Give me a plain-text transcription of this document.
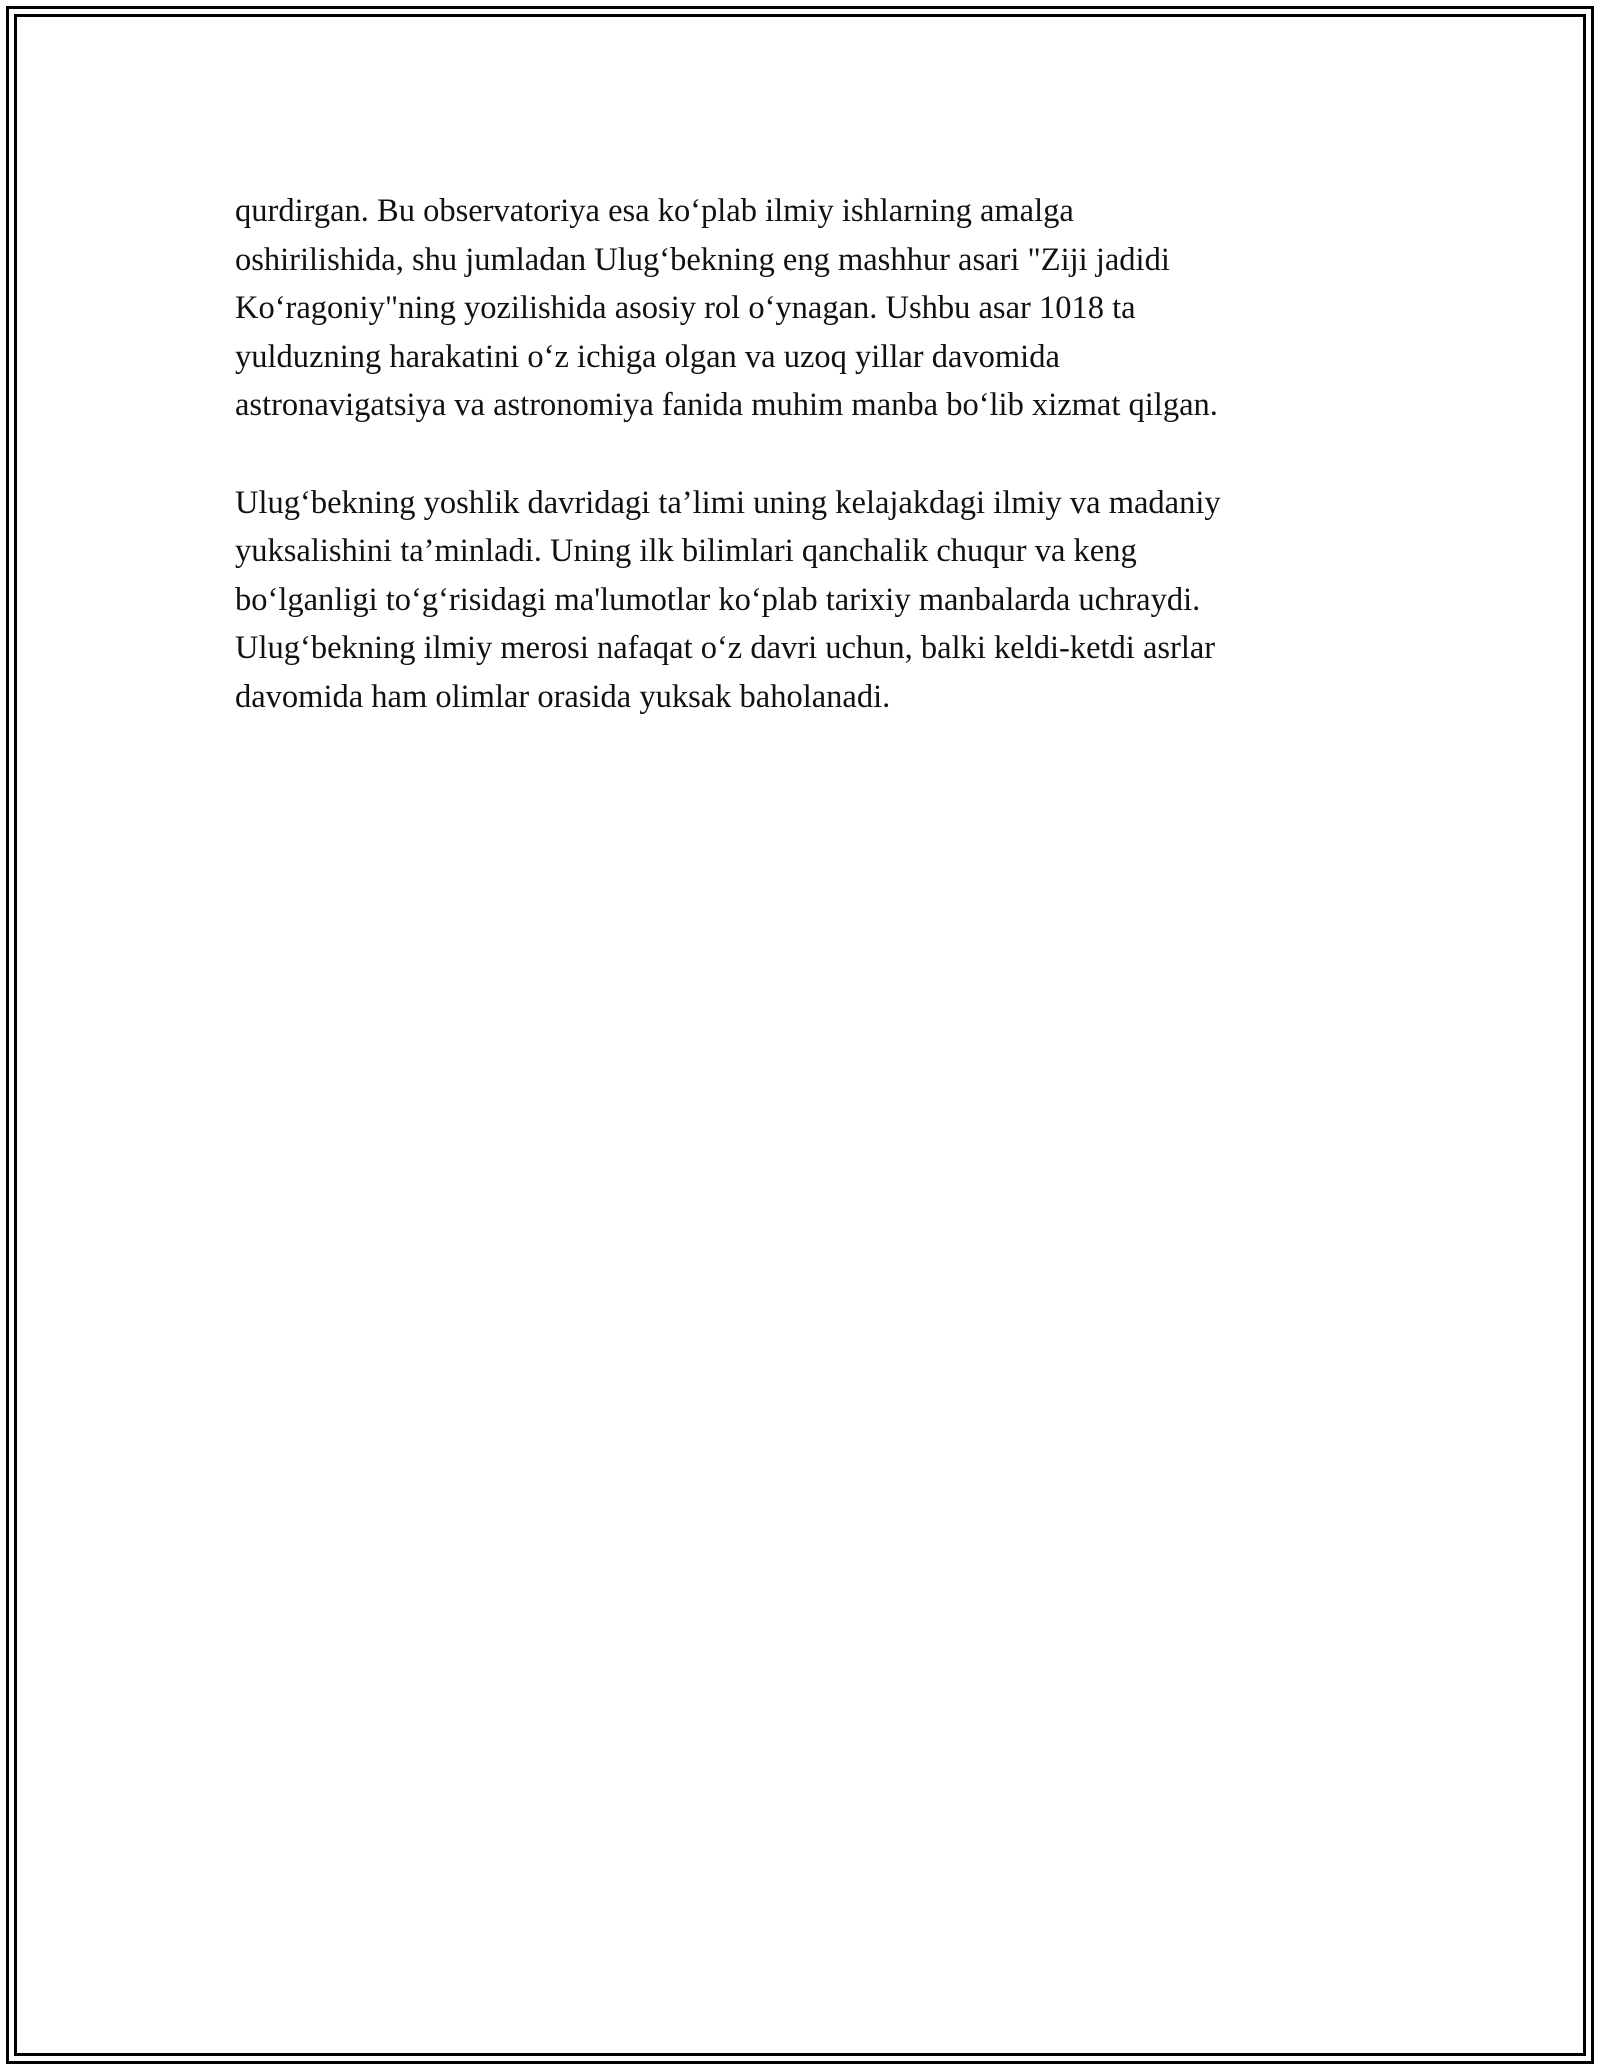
qurdirgan. Bu observatoriya esa ko‘plab ilmiy ishlarning amalga
oshirilishida, shu jumladan Ulug‘bekning eng mashhur asari "Ziji jadidi
Ko‘ragoniy"ning yozilishida asosiy rol o‘ynagan. Ushbu asar 1018 ta
yulduzning harakatini o‘z ichiga olgan va uzoq yillar davomida
astronavigatsiya va astronomiya fanida muhim manba bo‘lib xizmat qilgan.

Ulug‘bekning yoshlik davridagi ta’limi uning kelajakdagi ilmiy va madaniy
yuksalishini ta’minladi. Uning ilk bilimlari qanchalik chuqur va keng
bo‘lganligi to‘g‘risidagi ma'lumotlar ko‘plab tarixiy manbalarda uchraydi.
Ulug‘bekning ilmiy merosi nafaqat o‘z davri uchun, balki keldi-ketdi asrlar
davomida ham olimlar orasida yuksak baholanadi.
